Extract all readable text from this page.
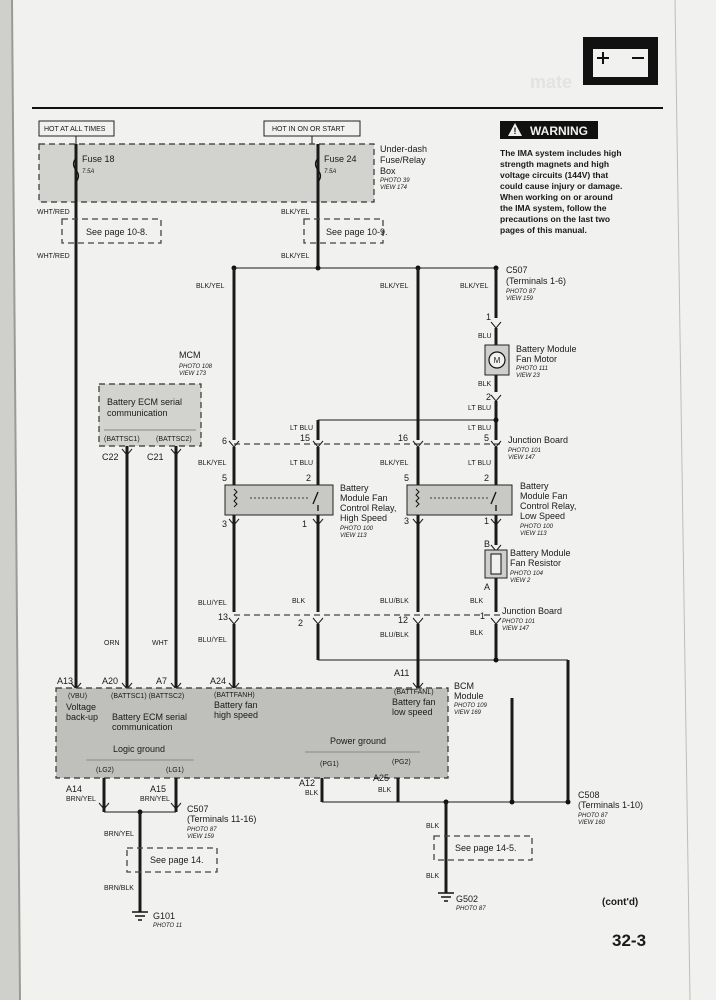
mate
HOT AT ALL TIMES	HOT IN ON OR START
Fuse 18
7.5A
Fuse 24
7.5A
Under-dash
Fuse/Relay
Box
PHOTO 39
VIEW 174
! WARNING
The IMA system includes high
strength magnets and high
voltage circuits (144V) that
could cause injury or damage.
When working on or around
the IMA system, follow the
precautions on the last two
pages of this manual.
WHT/RED
WHT/RED
See page 10-8.
BLK/YEL
BLK/YEL
See page 10-9.
C507
(Terminals 1-6)
PHOTO 87
VIEW 159
BLK/YEL	BLK/YEL	BLK/YEL
1
BLU
M
Battery Module
Fan Motor
PHOTO 111
VIEW 23
BLK
2
LT BLU
LT BLU	LT BLU
6	15	16	5 Junction Board
PHOTO 101
VIEW 147
BLK/YEL	LT BLU	BLK/YEL	LT BLU
5	2	5	2
MCM
PHOTO 108
VIEW 173
Battery ECM serial
communication
(BATTSC1) (BATTSC2)
C22	C21
ORN	WHT
Battery
Module Fan
Control Relay,
High Speed
PHOTO 100
VIEW 113
Battery
Module Fan
Control Relay,
Low Speed
PHOTO 100
VIEW 113
3	1	3	1
BLU/YEL	BLK	BLU/BLK
B
Battery Module
Fan Resistor
PHOTO 104
VIEW 2
A
BLK
13
2	12	1 Junction Board
PHOTO 101
VIEW 147
BLU/YEL
BLU/BLK	BLK
A13	A20	A7	A24
A11
(VBU)
Voltage
back-up
(BATTSC1) (BATTSC2)
Battery ECM serial
communication
(BATTFANH)
Battery fan
high speed
(BATTFANL)
Battery fan
low speed
Logic ground
(LG2)	(LG1)
Power ground
(PG1)	(PG2)
BCM
Module
PHOTO 109
VIEW 169
A14	A15
A12	A25
BRN/YEL	BRN/YEL
BLK	BLK
C507
(Terminals 11-16)
PHOTO 87
VIEW 159
C508
(Terminals 1-10)
PHOTO 87
VIEW 160
BRN/YEL
See page 14.
BRN/BLK
G101
PHOTO 11
BLK
See page 14-5.
BLK
G502
PHOTO 87
(cont'd)
32-3
